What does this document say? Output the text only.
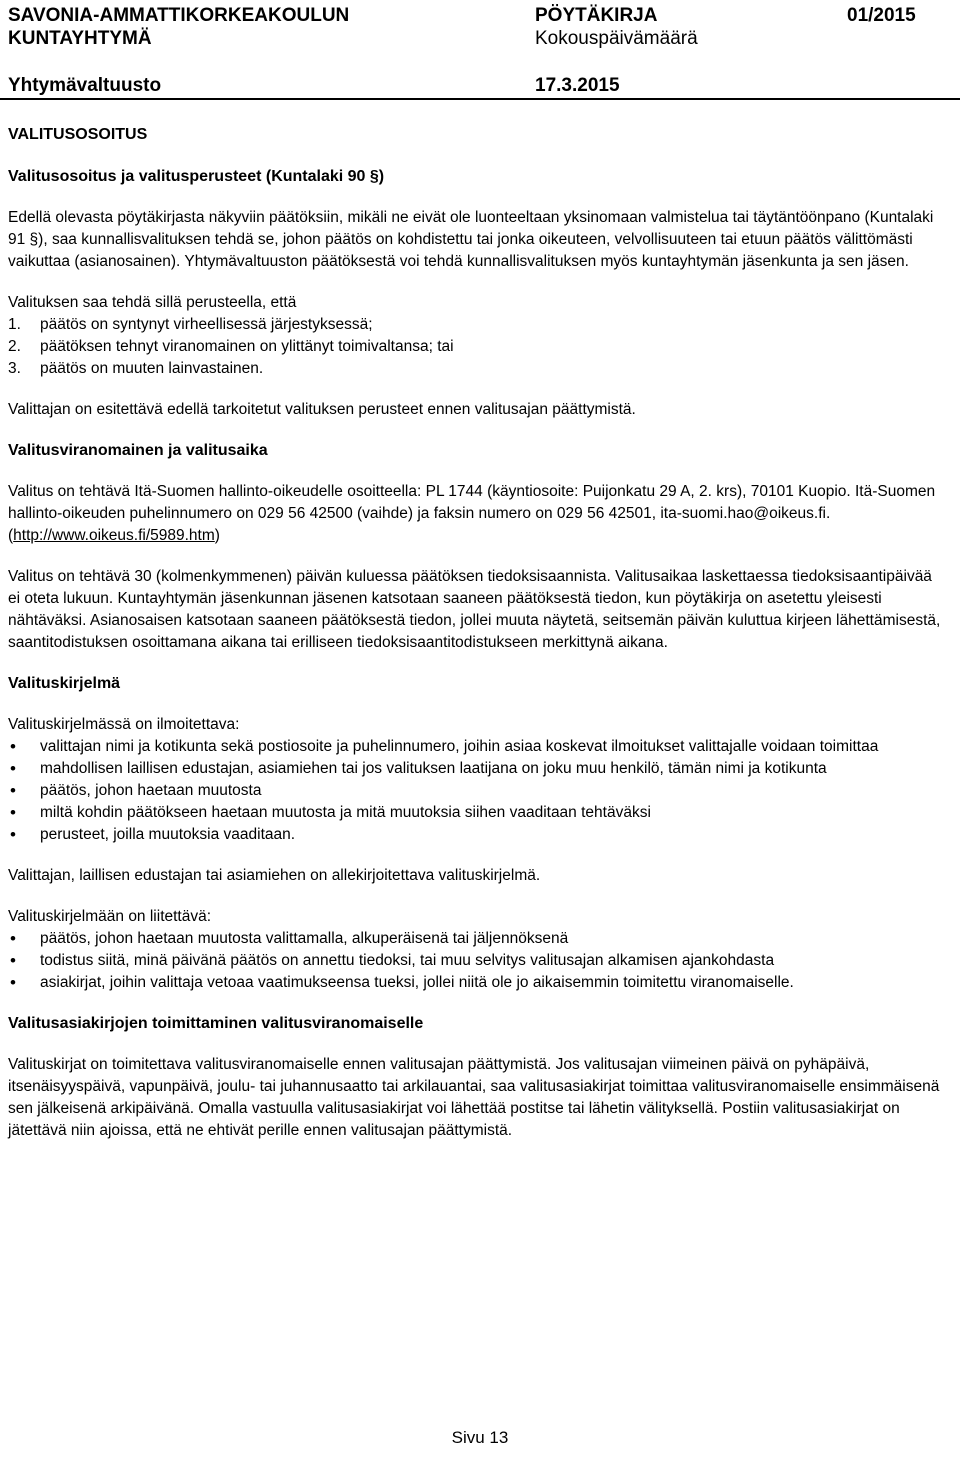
SAVONIA-AMMATTIKORKEAKOULUN
KUNTAYHTYMÄ
PÖYTÄKIRJA
Kokouspäivämäärä
01/2015
Yhtymävaltuusto	17.3.2015

VALITUSOSOITUS

Valitusosoitus ja valitusperusteet (Kuntalaki 90 §)

Edellä olevasta pöytäkirjasta näkyviin päätöksiin, mikäli ne eivät ole luonteeltaan yksinomaan valmistelua tai täytäntöönpano (Kuntalaki 91 §), saa kunnallisvalituksen tehdä se, johon päätös on kohdistettu tai jonka oikeuteen, velvollisuuteen tai etuun päätös välittömästi vaikuttaa (asianosainen). Yhtymävaltuuston päätöksestä voi tehdä kunnallisvalituksen myös kuntayhtymän jäsenkunta ja sen jäsen.

Valituksen saa tehdä sillä perusteella, että

1.	päätös on syntynyt virheellisessä järjestyksessä;
2.	päätöksen tehnyt viranomainen on ylittänyt toimivaltansa; tai
3.	päätös on muuten lainvastainen.

Valittajan on esitettävä edellä tarkoitetut valituksen perusteet ennen valitusajan päättymistä.

Valitusviranomainen ja valitusaika

Valitus on tehtävä Itä-Suomen hallinto-oikeudelle osoitteella: PL 1744 (käyntiosoite: Puijonkatu 29 A, 2. krs), 70101 Kuopio. Itä-Suomen hallinto-oikeuden puhelinnumero on 029 56 42500 (vaihde) ja faksin numero on 029 56 42501, ita-suomi.hao@oikeus.fi. (http://www.oikeus.fi/5989.htm)

Valitus on tehtävä 30 (kolmenkymmenen) päivän kuluessa päätöksen tiedoksisaannista. Valitusaikaa laskettaessa tiedoksisaantipäivää ei oteta lukuun. Kuntayhtymän jäsenkunnan jäsenen katsotaan saaneen päätöksestä tiedon, kun pöytäkirja on asetettu yleisesti nähtäväksi. Asianosaisen katsotaan saaneen päätöksestä tiedon, jollei muuta näytetä, seitsemän päivän kuluttua kirjeen lähettämisestä, saantitodistuksen osoittamana aikana tai erilliseen tiedoksisaantitodistukseen merkittynä aikana.

Valituskirjelmä

Valituskirjelmässä on ilmoitettava:

• valittajan nimi ja kotikunta sekä postiosoite ja puhelinnumero, joihin asiaa koskevat ilmoitukset valittajalle voidaan toimittaa
• mahdollisen laillisen edustajan, asiamiehen tai jos valituksen laatijana on joku muu henkilö, tämän nimi ja kotikunta
• päätös, johon haetaan muutosta
• miltä kohdin päätökseen haetaan muutosta ja mitä muutoksia siihen vaaditaan tehtäväksi
• perusteet, joilla muutoksia vaaditaan.

Valittajan, laillisen edustajan tai asiamiehen on allekirjoitettava valituskirjelmä.

Valituskirjelmään on liitettävä:

• päätös, johon haetaan muutosta valittamalla, alkuperäisenä tai jäljennöksenä
• todistus siitä, minä päivänä päätös on annettu tiedoksi, tai muu selvitys valitusajan alkamisen ajankohdasta
• asiakirjat, joihin valittaja vetoaa vaatimukseensa tueksi, jollei niitä ole jo aikaisemmin toimitettu viranomaiselle.

Valitusasiakirjojen toimittaminen valitusviranomaiselle

Valituskirjat on toimitettava valitusviranomaiselle ennen valitusajan päättymistä. Jos valitusajan viimeinen päivä on pyhäpäivä, itsenäisyyspäivä, vapunpäivä, joulu- tai juhannusaatto tai arkilauantai, saa valitusasiakirjat toimittaa valitusviranomaiselle ensimmäisenä sen jälkeisenä arkipäivänä. Omalla vastuulla valitusasiakirjat voi lähettää postitse tai lähetin välityksellä. Postiin valitusasiakirjat on jätettävä niin ajoissa, että ne ehtivät perille ennen valitusajan päättymistä.

Sivu 13
